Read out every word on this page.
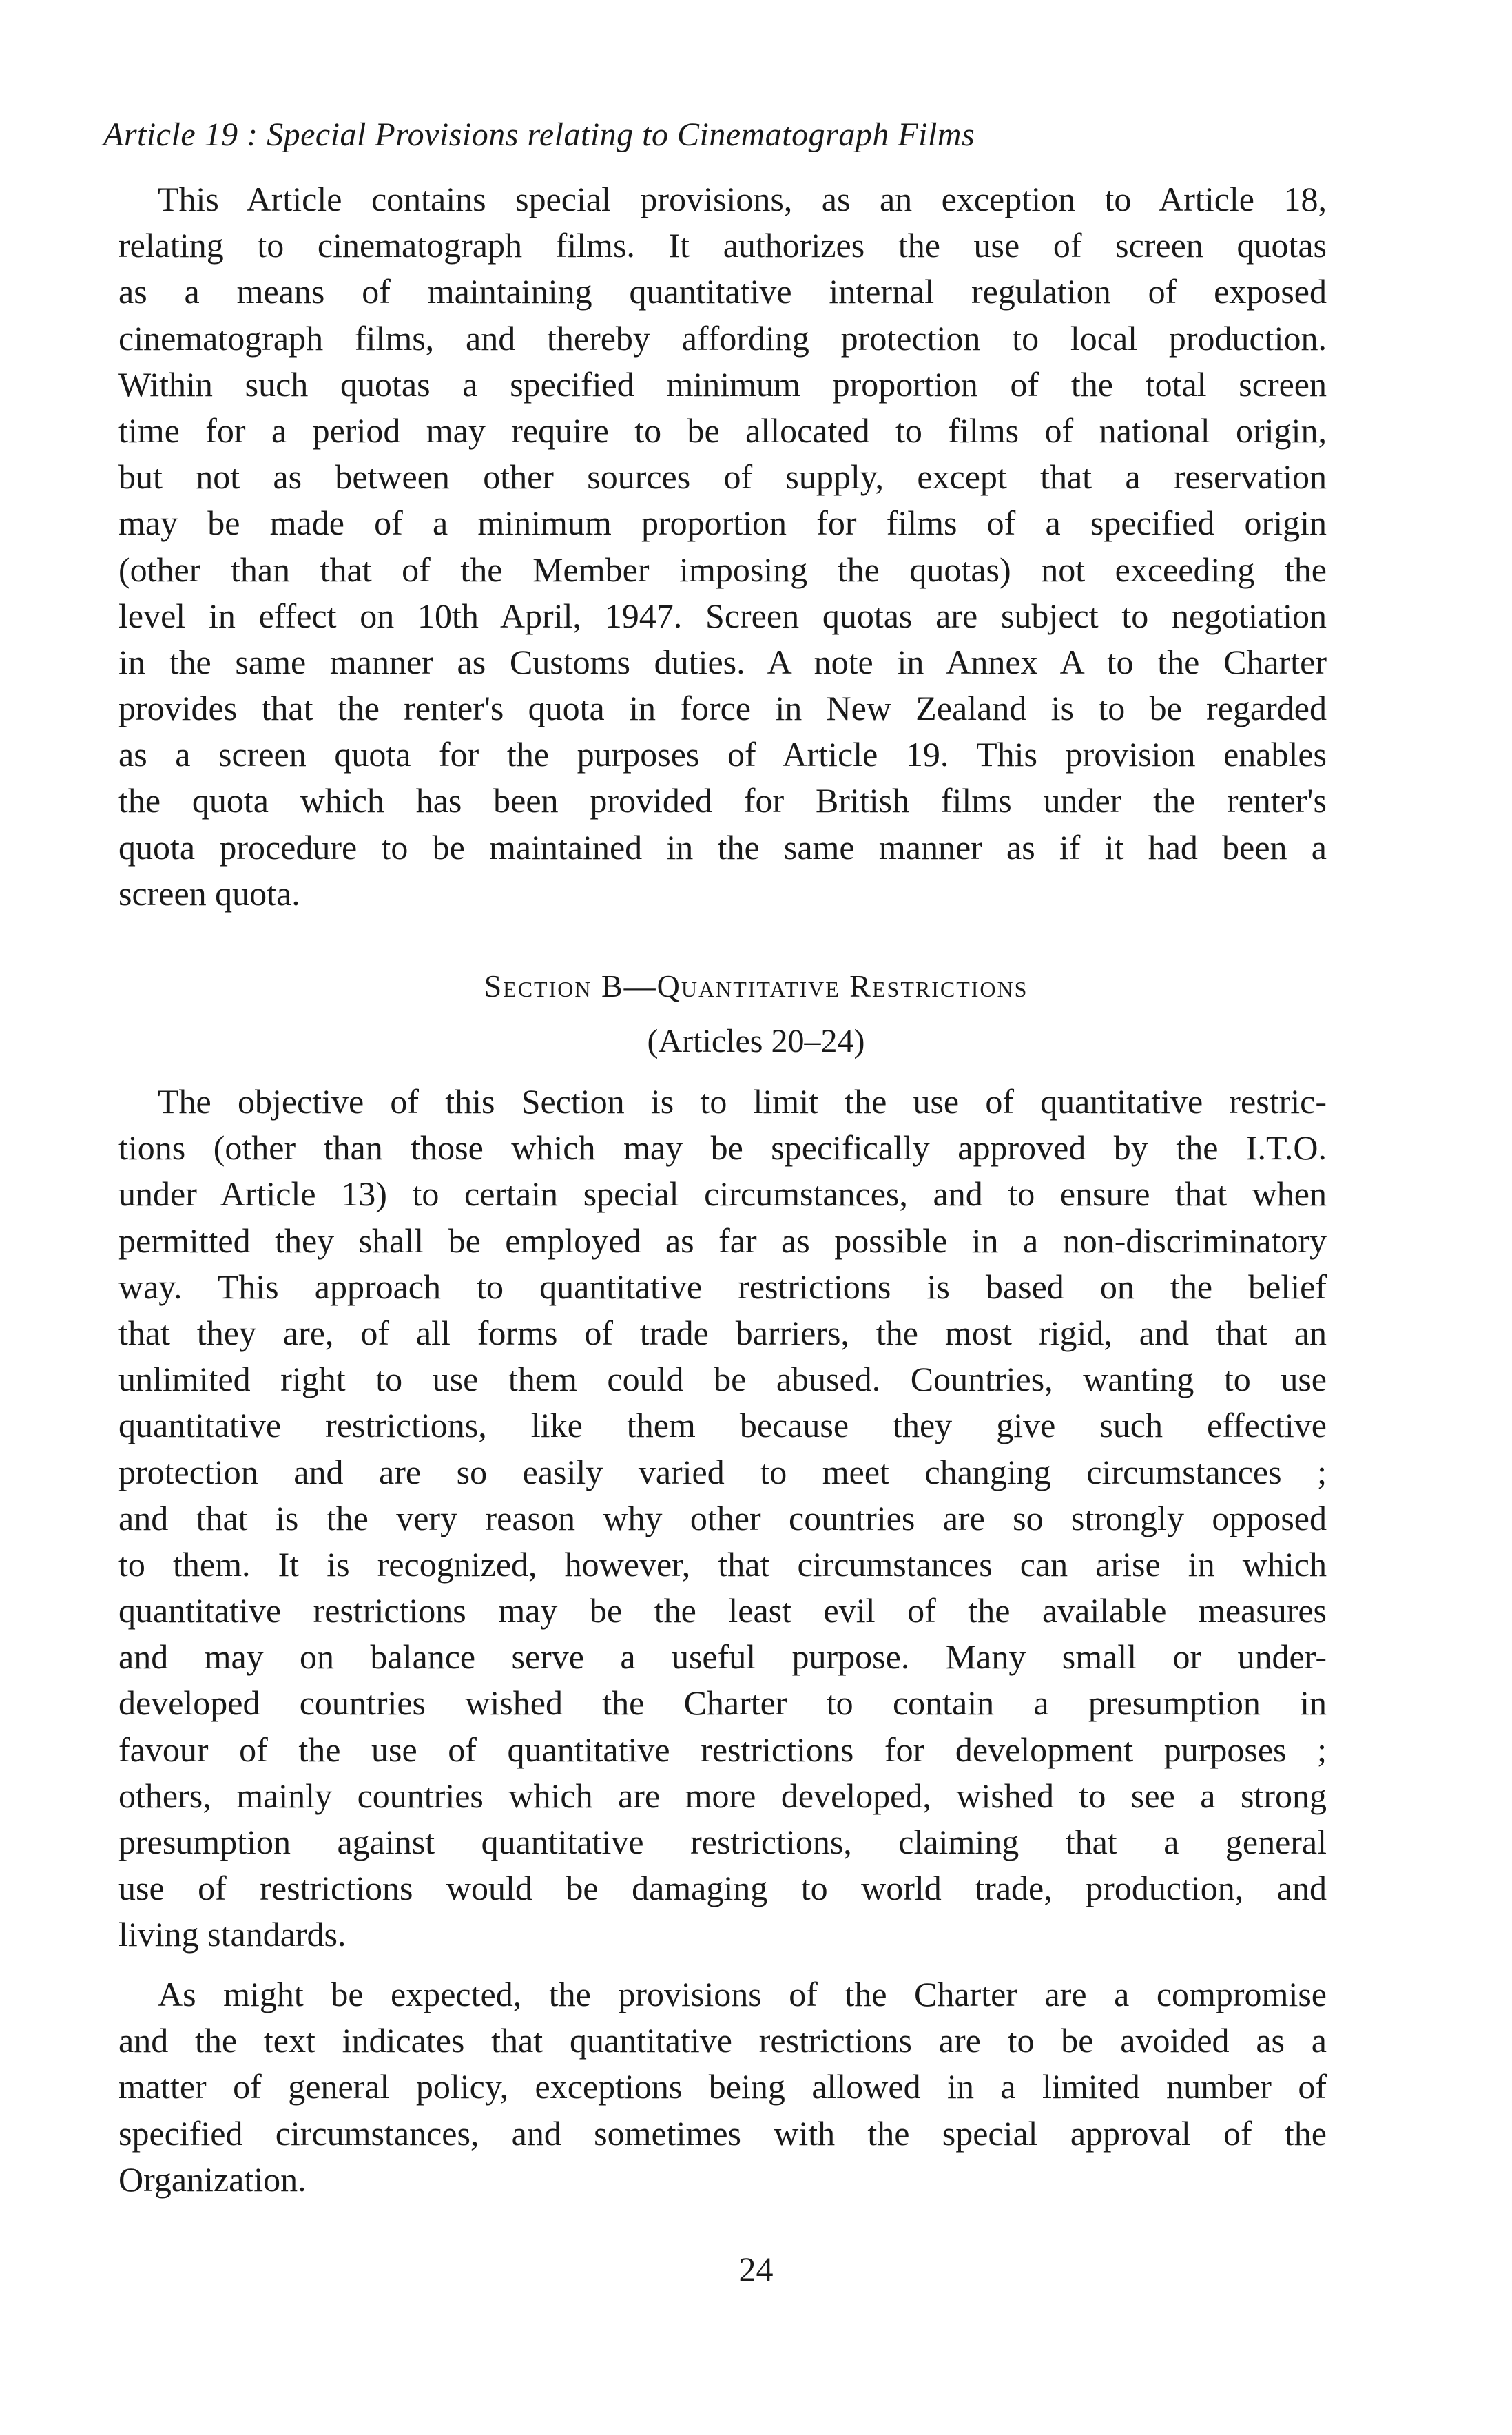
Article 19 : Special Provisions relating to Cinematograph Films
This Article contains special provisions, as an exception to Article 18,
relating to cinematograph films. It authorizes the use of screen quotas
as a means of maintaining quantitative internal regulation of exposed
cinematograph films, and thereby affording protection to local production.
Within such quotas a specified minimum proportion of the total screen
time for a period may require to be allocated to films of national origin,
but not as between other sources of supply, except that a reservation
may be made of a minimum proportion for films of a specified origin
(other than that of the Member imposing the quotas) not exceeding the
level in effect on 10th April, 1947. Screen quotas are subject to negotiation
in the same manner as Customs duties. A note in Annex A to the Charter
provides that the renter's quota in force in New Zealand is to be regarded
as a screen quota for the purposes of Article 19. This provision enables
the quota which has been provided for British films under the renter's
quota procedure to be maintained in the same manner as if it had been a
screen quota.
Section B—Quantitative Restrictions
(Articles 20–24)
The objective of this Section is to limit the use of quantitative restric-
tions (other than those which may be specifically approved by the I.T.O.
under Article 13) to certain special circumstances, and to ensure that when
permitted they shall be employed as far as possible in a non-discriminatory
way. This approach to quantitative restrictions is based on the belief
that they are, of all forms of trade barriers, the most rigid, and that an
unlimited right to use them could be abused. Countries, wanting to use
quantitative restrictions, like them because they give such effective
protection and are so easily varied to meet changing circumstances ;
and that is the very reason why other countries are so strongly opposed
to them. It is recognized, however, that circumstances can arise in which
quantitative restrictions may be the least evil of the available measures
and may on balance serve a useful purpose. Many small or under-
developed countries wished the Charter to contain a presumption in
favour of the use of quantitative restrictions for development purposes ;
others, mainly countries which are more developed, wished to see a strong
presumption against quantitative restrictions, claiming that a general
use of restrictions would be damaging to world trade, production, and
living standards.
As might be expected, the provisions of the Charter are a compromise
and the text indicates that quantitative restrictions are to be avoided as a
matter of general policy, exceptions being allowed in a limited number of
specified circumstances, and sometimes with the special approval of the
Organization.
24
